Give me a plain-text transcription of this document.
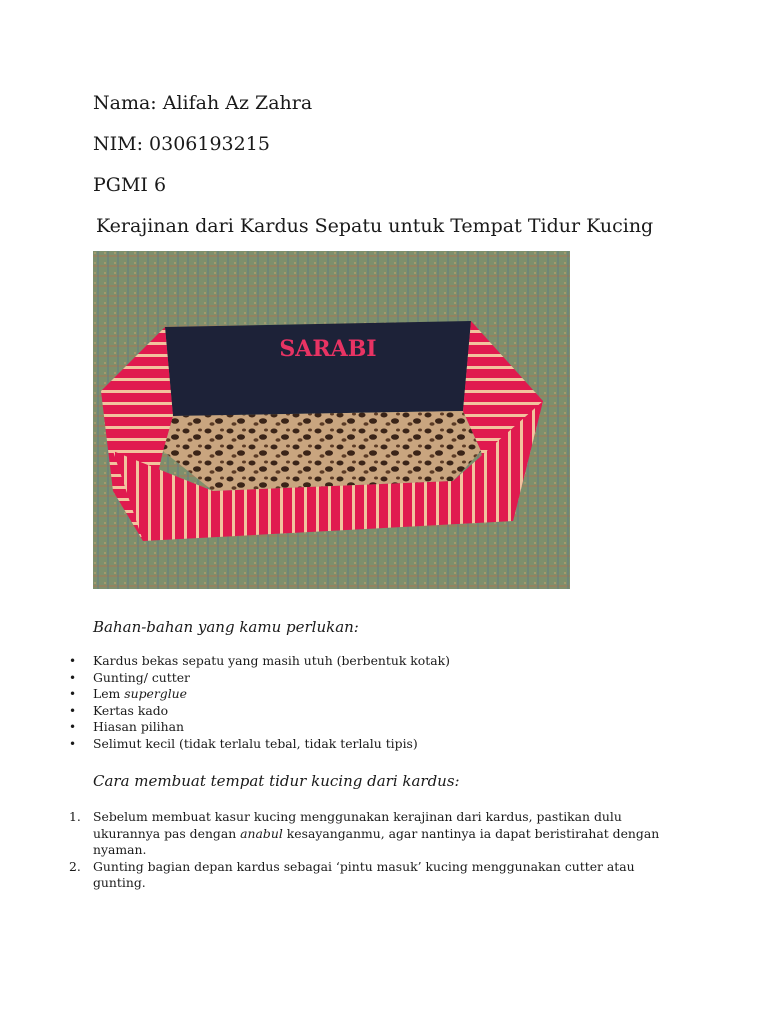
Nama: Alifah Az Zahra
NIM: 0306193215
PGMI 6
Kerajinan dari Kardus Sepatu untuk Tempat Tidur Kucing
SARABI
Bahan-bahan yang kamu perlukan:
• Kardus bekas sepatu yang masih utuh (berbentuk kotak)
• Gunting/ cutter
• Lem superglue
• Kertas kado
• Hiasan pilihan
• Selimut kecil (tidak terlalu tebal, tidak terlalu tipis)
Cara membuat tempat tidur kucing dari kardus:
1. Sebelum membuat kasur kucing menggunakan kerajinan dari kardus, pastikan dulu ukurannya pas dengan anabul kesayanganmu, agar nantinya ia dapat beristirahat dengan nyaman.
2. Gunting bagian depan kardus sebagai ‘pintu masuk’ kucing menggunakan cutter atau gunting.
